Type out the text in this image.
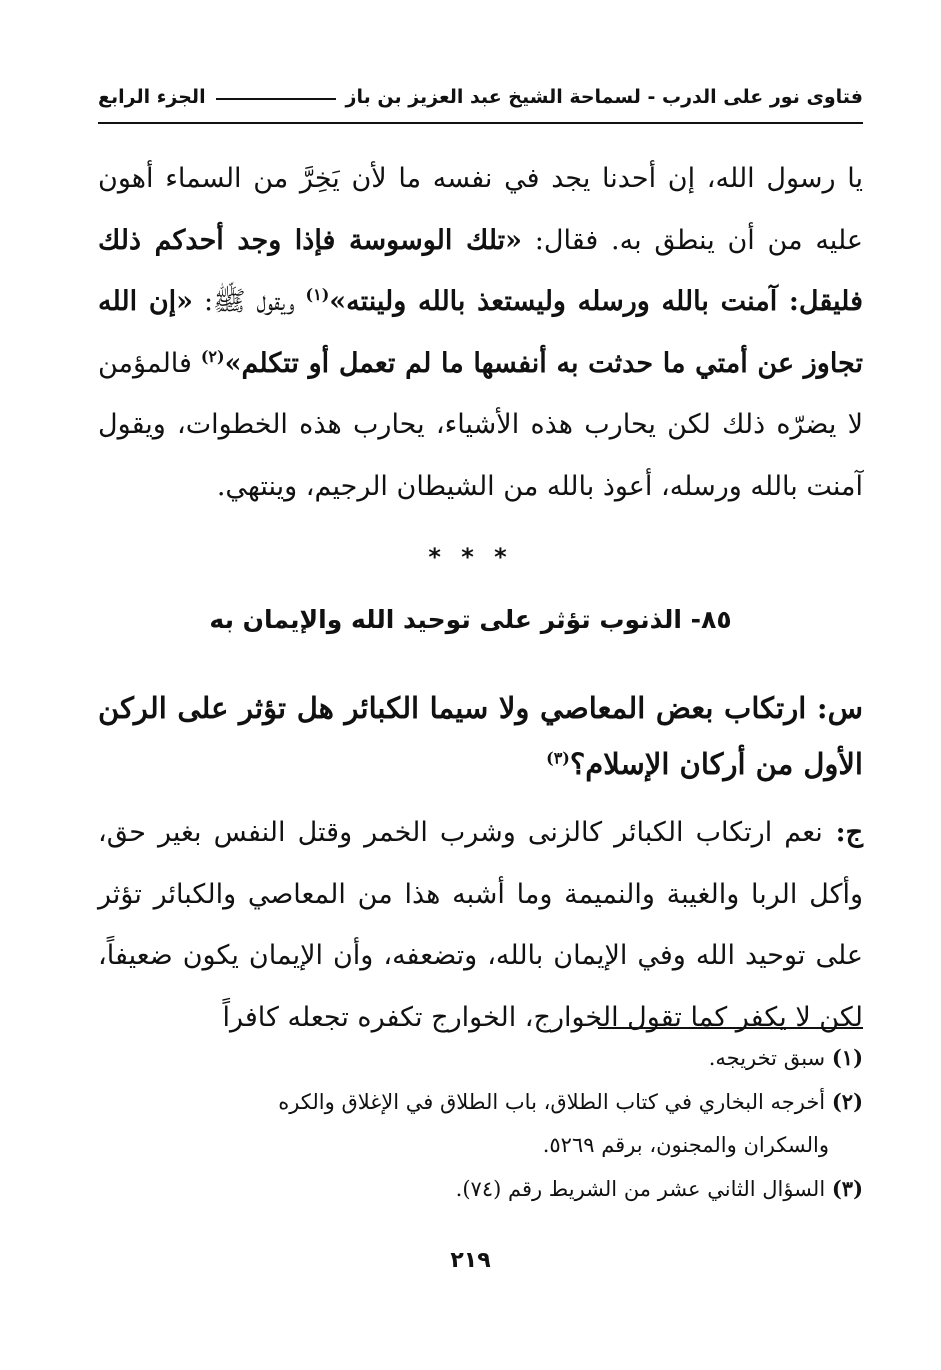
فتاوى نور على الدرب - لسماحة الشيخ عبد العزيز بن باز
الجزء الرابع

يا رسول الله، إن أحدنا يجد في نفسه ما لأن يَخِرَّ من السماء أهون عليه من أن ينطق به. فقال: «تلك الوسوسة فإذا وجد أحدكم ذلك فليقل: آمنت بالله ورسله وليستعذ بالله ولينته»$^{(١)}$ ويقول ﷺ: «إن الله تجاوز عن أمتي ما حدثت به أنفسها ما لم تعمل أو تتكلم»$^{(٢)}$ فالمؤمن لا يضرّه ذلك لكن يحارب هذه الأشياء، يحارب هذه الخطوات، ويقول آمنت بالله ورسله، أعوذ بالله من الشيطان الرجيم، وينتهي.

* * *
٨٥- الذنوب تؤثر على توحيد الله والإيمان به
س: ارتكاب بعض المعاصي ولا سيما الكبائر هل تؤثر على الركن الأول من أركان الإسلام؟$^{(٣)}$

ج: نعم ارتكاب الكبائر كالزنى وشرب الخمر وقتل النفس بغير حق، وأكل الربا والغيبة والنميمة وما أشبه هذا من المعاصي والكبائر تؤثر على توحيد الله وفي الإيمان بالله، وتضعفه، وأن الإيمان يكون ضعيفاً، لكن لا يكفر كما تقول الخوارج، الخوارج تكفره تجعله كافراً

(١) سبق تخريجه.
(٢) أخرجه البخاري في كتاب الطلاق، باب الطلاق في الإغلاق والكره
والسكران والمجنون، برقم ٥٢٦٩.
(٣) السؤال الثاني عشر من الشريط رقم (٧٤).
٢١٩
